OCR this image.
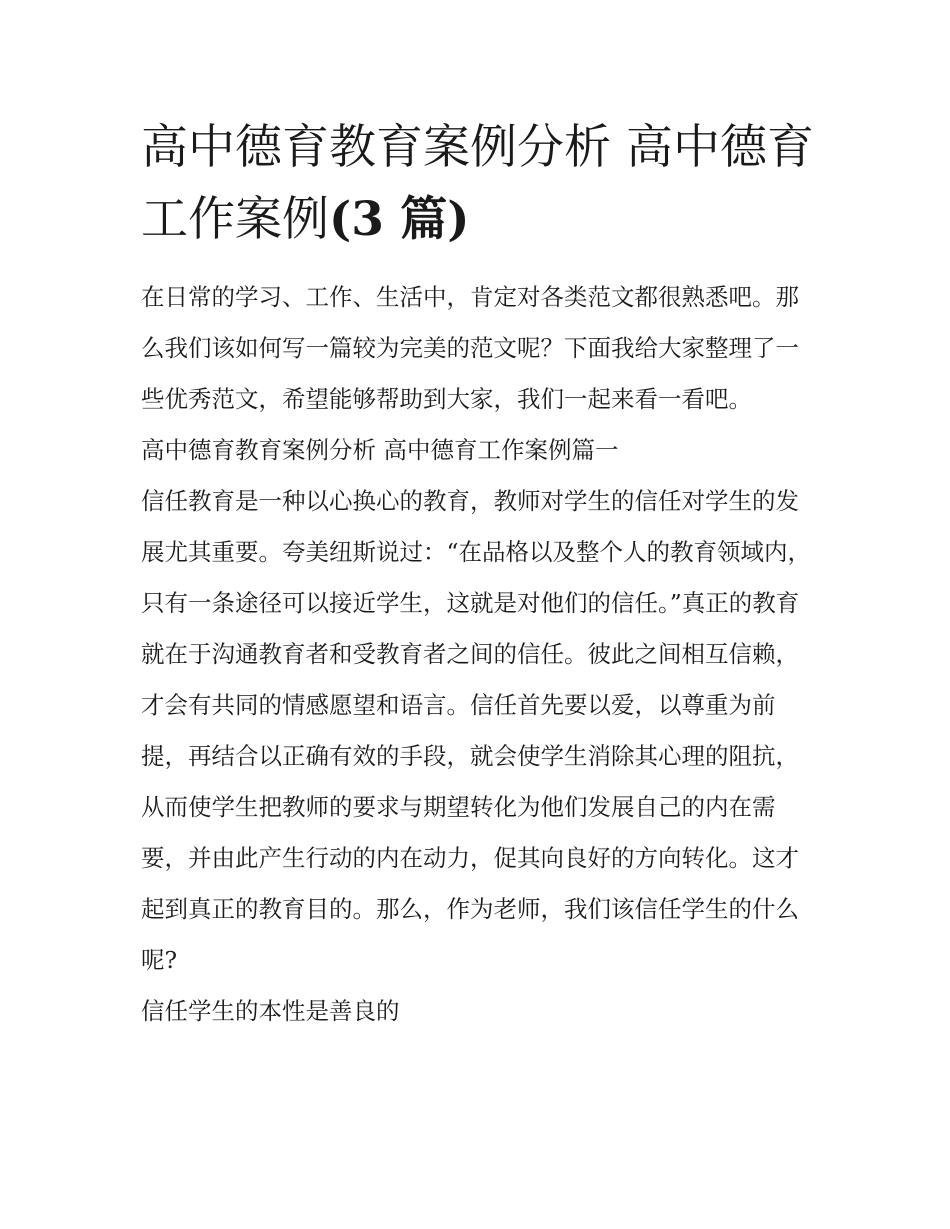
高中德育教育案例分析 高中德育工作案例(3 篇)

在日常的学习、工作、生活中，肯定对各类范文都很熟悉吧。那么我们该如何写一篇较为完美的范文呢？下面我给大家整理了一些优秀范文，希望能够帮助到大家，我们一起来看一看吧。

高中德育教育案例分析 高中德育工作案例篇一

信任教育是一种以心换心的教育，教师对学生的信任对学生的发展尤其重要。夸美纽斯说过：“在品格以及整个人的教育领域内，只有一条途径可以接近学生，这就是对他们的信任。”真正的教育就在于沟通教育者和受教育者之间的信任。彼此之间相互信赖，才会有共同的情感愿望和语言。信任首先要以爱，以尊重为前提，再结合以正确有效的手段，就会使学生消除其心理的阻抗，从而使学生把教师的要求与期望转化为他们发展自己的内在需要，并由此产生行动的内在动力，促其向良好的方向转化。这才起到真正的教育目的。那么，作为老师，我们该信任学生的什么呢?

信任学生的本性是善良的
